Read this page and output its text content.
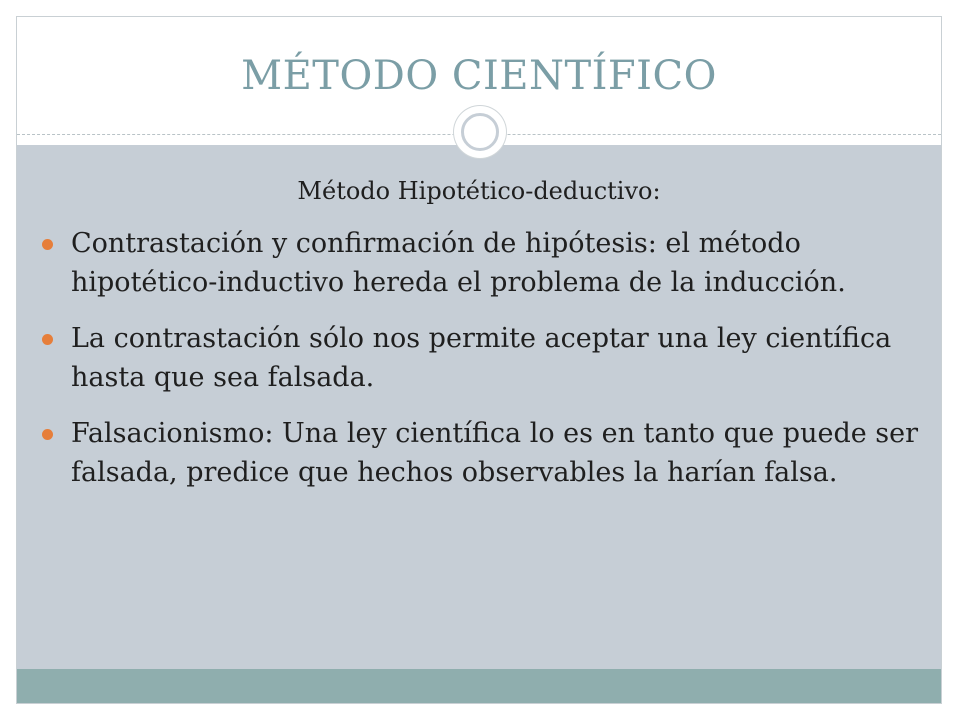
MÉTODO CIENTÍFICO
Método Hipotético-deductivo:
Contrastación y confirmación de hipótesis: el método hipotético-inductivo hereda el problema de la inducción.
La contrastación sólo nos permite aceptar una ley científica hasta que sea falsada.
Falsacionismo: Una ley científica lo es en tanto que puede ser falsada, predice que hechos observables la harían falsa.
